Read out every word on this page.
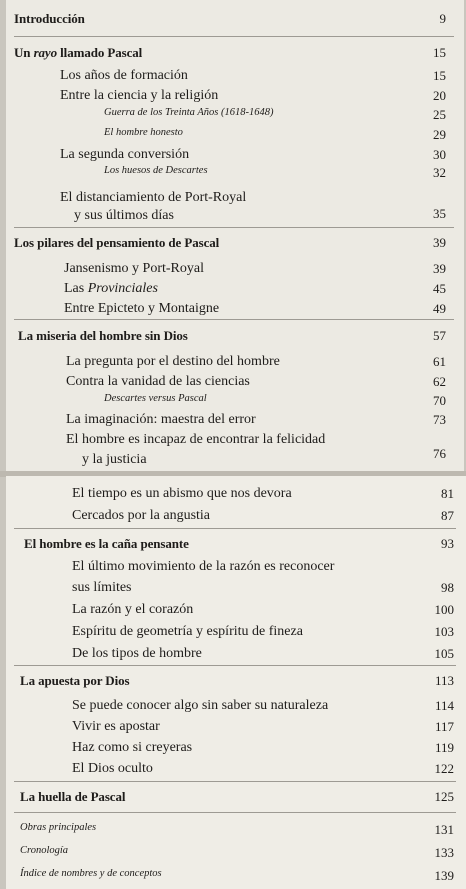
Introducción	9
Un rayo llamado Pascal	15
Los años de formación	15
Entre la ciencia y la religión	20
Guerra de los Treinta Años (1618-1648)	25
El hombre honesto	29
La segunda conversión	30
Los huesos de Descartes	32
El distanciamiento de Port-Royal
y sus últimos días	35
Los pilares del pensamiento de Pascal	39
Jansenismo y Port-Royal	39
Las Provinciales	45
Entre Epicteto y Montaigne	49
La miseria del hombre sin Dios	57
La pregunta por el destino del hombre	61
Contra la vanidad de las ciencias	62
Descartes versus Pascal	70
La imaginación: maestra del error	73
El hombre es incapaz de encontrar la felicidad
y la justicia	76
El tiempo es un abismo que nos devora	81
Cercados por la angustia	87
El hombre es la caña pensante	93
El último movimiento de la razón es reconocer
sus límites	98
La razón y el corazón	100
Espíritu de geometría y espíritu de fineza	103
De los tipos de hombre	105
La apuesta por Dios	113
Se puede conocer algo sin saber su naturaleza	114
Vivir es apostar	117
Haz como si creyeras	119
El Dios oculto	122
La huella de Pascal	125
Obras principales	131
Cronología	133
Índice de nombres y de conceptos	139
